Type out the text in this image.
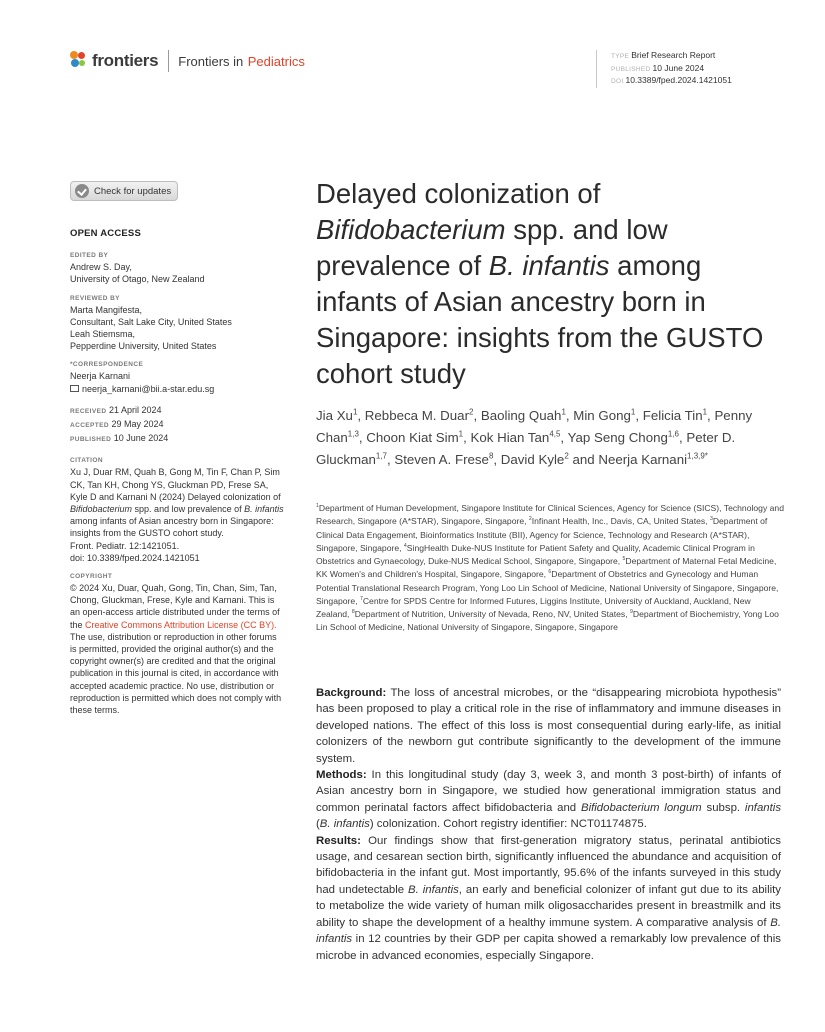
frontiers Frontiers in
Pediatrics	TYPE Brief Research Report
PUBLISHED 10 June 2024
DOI 10.3389/fped.2024.1421051
Check for updates
OPEN ACCESS
EDITED BY
Andrew S. Day,
University of Otago, New Zealand
REVIEWED BY
Marta Mangifesta,
Consultant, Salt Lake City, United States
Leah Stiemsma,
Pepperdine University, United States
*CORRESPONDENCE
Neerja Karnani
neerja_karnani@bii.a-star.edu.sg
RECEIVED 21 April 2024
ACCEPTED 29 May 2024
PUBLISHED 10 June 2024
CITATION
Xu J, Duar RM, Quah B, Gong M, Tin F, Chan P, Sim CK, Tan KH, Chong YS, Gluckman PD, Frese SA, Kyle D and Karnani N (2024) Delayed colonization of Bifidobacterium spp. and low prevalence of B. infantis among infants of Asian ancestry born in Singapore: insights from the GUSTO cohort study.
Front. Pediatr. 12:1421051.
doi: 10.3389/fped.2024.1421051
COPYRIGHT
© 2024 Xu, Duar, Quah, Gong, Tin, Chan, Sim, Tan, Chong, Gluckman, Frese, Kyle and Karnani. This is an open-access article distributed under the terms of the Creative Commons Attribution License (CC BY). The use, distribution or reproduction in other forums is permitted, provided the original author(s) and the copyright owner(s) are credited and that the original publication in this journal is cited, in accordance with accepted academic practice. No use, distribution or reproduction is permitted which does not comply with these terms.
Delayed colonization of Bifidobacterium spp. and low prevalence of B. infantis among infants of Asian ancestry born in Singapore: insights from the GUSTO cohort study
Jia Xu$^1$, Rebbeca M. Duar$^2$, Baoling Quah$^1$, Min Gong$^1$, Felicia Tin$^1$, Penny Chan$^{1,3}$, Choon Kiat Sim$^1$, Kok Hian Tan$^{4,5}$, Yap Seng Chong$^{1,6}$, Peter D. Gluckman$^{1,7}$, Steven A. Frese$^8$, David Kyle$^2$ and Neerja Karnani$^{1,3,9*}$
$^1$Department of Human Development, Singapore Institute for Clinical Sciences, Agency for Science (SICS), Technology and Research, Singapore (A*STAR), Singapore, Singapore, $^2$Infinant Health, Inc., Davis, CA, United States, $^3$Department of Clinical Data Engagement, Bioinformatics Institute (BII), Agency for Science, Technology and Research (A*STAR), Singapore, Singapore, $^4$SingHealth Duke-NUS Institute for Patient Safety and Quality, Academic Clinical Program in Obstetrics and Gynaecology, Duke-NUS Medical School, Singapore, Singapore, $^5$Department of Maternal Fetal Medicine, KK Women's and Children's Hospital, Singapore, Singapore, $^6$Department of Obstetrics and Gynecology and Human Potential Translational Research Program, Yong Loo Lin School of Medicine, National University of Singapore, Singapore, Singapore, $^7$Centre for SPDS Centre for Informed Futures, Liggins Institute, University of Auckland, Auckland, New Zealand, $^8$Department of Nutrition, University of Nevada, Reno, NV, United States, $^9$Department of Biochemistry, Yong Loo Lin School of Medicine, National University of Singapore, Singapore, Singapore

Background: The loss of ancestral microbes, or the “disappearing microbiota hypothesis” has been proposed to play a critical role in the rise of inflammatory and immune diseases in developed nations. The effect of this loss is most consequential during early-life, as initial colonizers of the newborn gut contribute significantly to the development of the immune system.

Methods: In this longitudinal study (day 3, week 3, and month 3 post-birth) of infants of Asian ancestry born in Singapore, we studied how generational immigration status and common perinatal factors affect bifidobacteria and Bifidobacterium longum subsp. infantis (B. infantis) colonization. Cohort registry identifier: NCT01174875.

Results: Our findings show that first-generation migratory status, perinatal antibiotics usage, and cesarean section birth, significantly influenced the abundance and acquisition of bifidobacteria in the infant gut. Most importantly, 95.6% of the infants surveyed in this study had undetectable B. infantis, an early and beneficial colonizer of infant gut due to its ability to metabolize the wide variety of human milk oligosaccharides present in breastmilk and its ability to shape the development of a healthy immune system. A comparative analysis of B. infantis in 12 countries by their GDP per capita showed a remarkably low prevalence of this microbe in advanced economies, especially Singapore.
